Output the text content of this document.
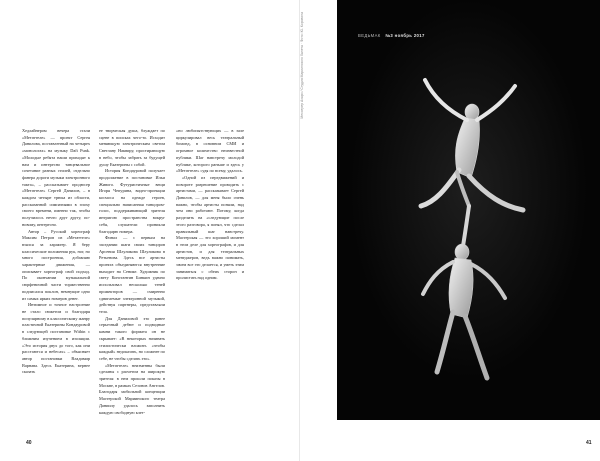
Хедлайнером вечера стали «Метаттеле» — проект Сергея Данилова, поставленный на четырех «монологах» на музыку Daft Punk. «Молодые ребята наши приходят к нам и интересно танцевальное сочетание разных стилей, отдельно фанера дороги музыки электронного такта», – рассказывает продюсер «Метаттеле» Сергей Данилов, – в каждом четыре трюка из области, рассказанной симпатиями в эпоху своего времени, именно так, чтобы получилось нечто друг другу, по-новому, интересно.

Автор – Русский хореограф Максим Петров из «Метаттеле» взялся за характер. Я беру классические положения рук, ног, но много построения, добавляю характерные движения, — описывает хореограф свой подход. По окончании музыкальной сюрфеничной части торжественно подписался поклон, немнущие одно из самых ярких номеров денег.

Интимное и точное настроение не стало сюжетом и благодаря популярному в классическому жанру пластичной Екатерины Кондауровой в следующей постановке Within с ближним изучением в изоляции. «Это история двух до того, как они расстаются и небесах» – объясняет автор постановки Владимир Варнава. Здесь Екатерина, вернее сказать

ее творческая душа, блуждает по сцене в поисках чего-то. Исходит меняющую электрическим светом Светлану Наквиру, простирающую в небо, чтобы забрать за будущей душу Екатерины с собой.

История Кондауровой получает продолжение в постановке Ильи Живого. Футуристичные вещи Игоря Чепурина, видео-проекции космоса на одежде героев, специально написанная танцором-голос, поддерживающий зрителя интригою пространства вокруг себя, слушатели проникли благодарю номера.

Финал — с первым на заседании шаги своих танцоров Арсения Шлуликова Шлуликова в Ретьенова. Здесь все артисты проекта объединяются внутренние выходит на Сенике. Художник по свету Константин Бинкин удачно использовал несколько теней прожекторов — смиренно сдвигаемые электронной музыкой, действуя партнеры, представляли тела.

Для Даниловой это ранее серьезный дебют и подводные камни такого формата он не скрывает: «В некоторых начинать стилистически вложить «чтобы каждый» недоказать, но сложнее по себе, не чтобы сделать это».

«Метаттеле» неизменны были сделаны с расчетом на широкую зрителя: в нем прошли показы в Москве, в рамках Сезонов Ангелов. Благодаря мобильной концепции Мастерской Мариинского театра Даниилу удалось заполнить каждую свободную клет-

«но любопытствующих — в зале циркулировал весь театральный бомонд, в основном СМИ и огромное количество неизвестной публики. Шаг навстречу молодой публике, которого раньше и здесь у «Метаттеле» судя по всему, удалось.

«Одной из передвижений и повороте разрешение проводить с артистами, — рассказывает Сергей Данилов, — для меня было очень важно, чтобы артисты поняли, над чем они работают. Потому, когда разделить на «следующие после этого разговора, я понял, что сделал правильный шаг навстречу. Мастерская — это хороший момент в этом деле для хореографов, и для артистов, и для театральных менеджеров, ведь важно понимать, зачем все это делается, и уметь этим заниматься с обеих сторон и пролистать над одним.

40	41
ВЕДЬМАК №3 ноябрь 2017
Мессерер Азари / Студия Мариинского балета · Фото: Ю. Коровина
